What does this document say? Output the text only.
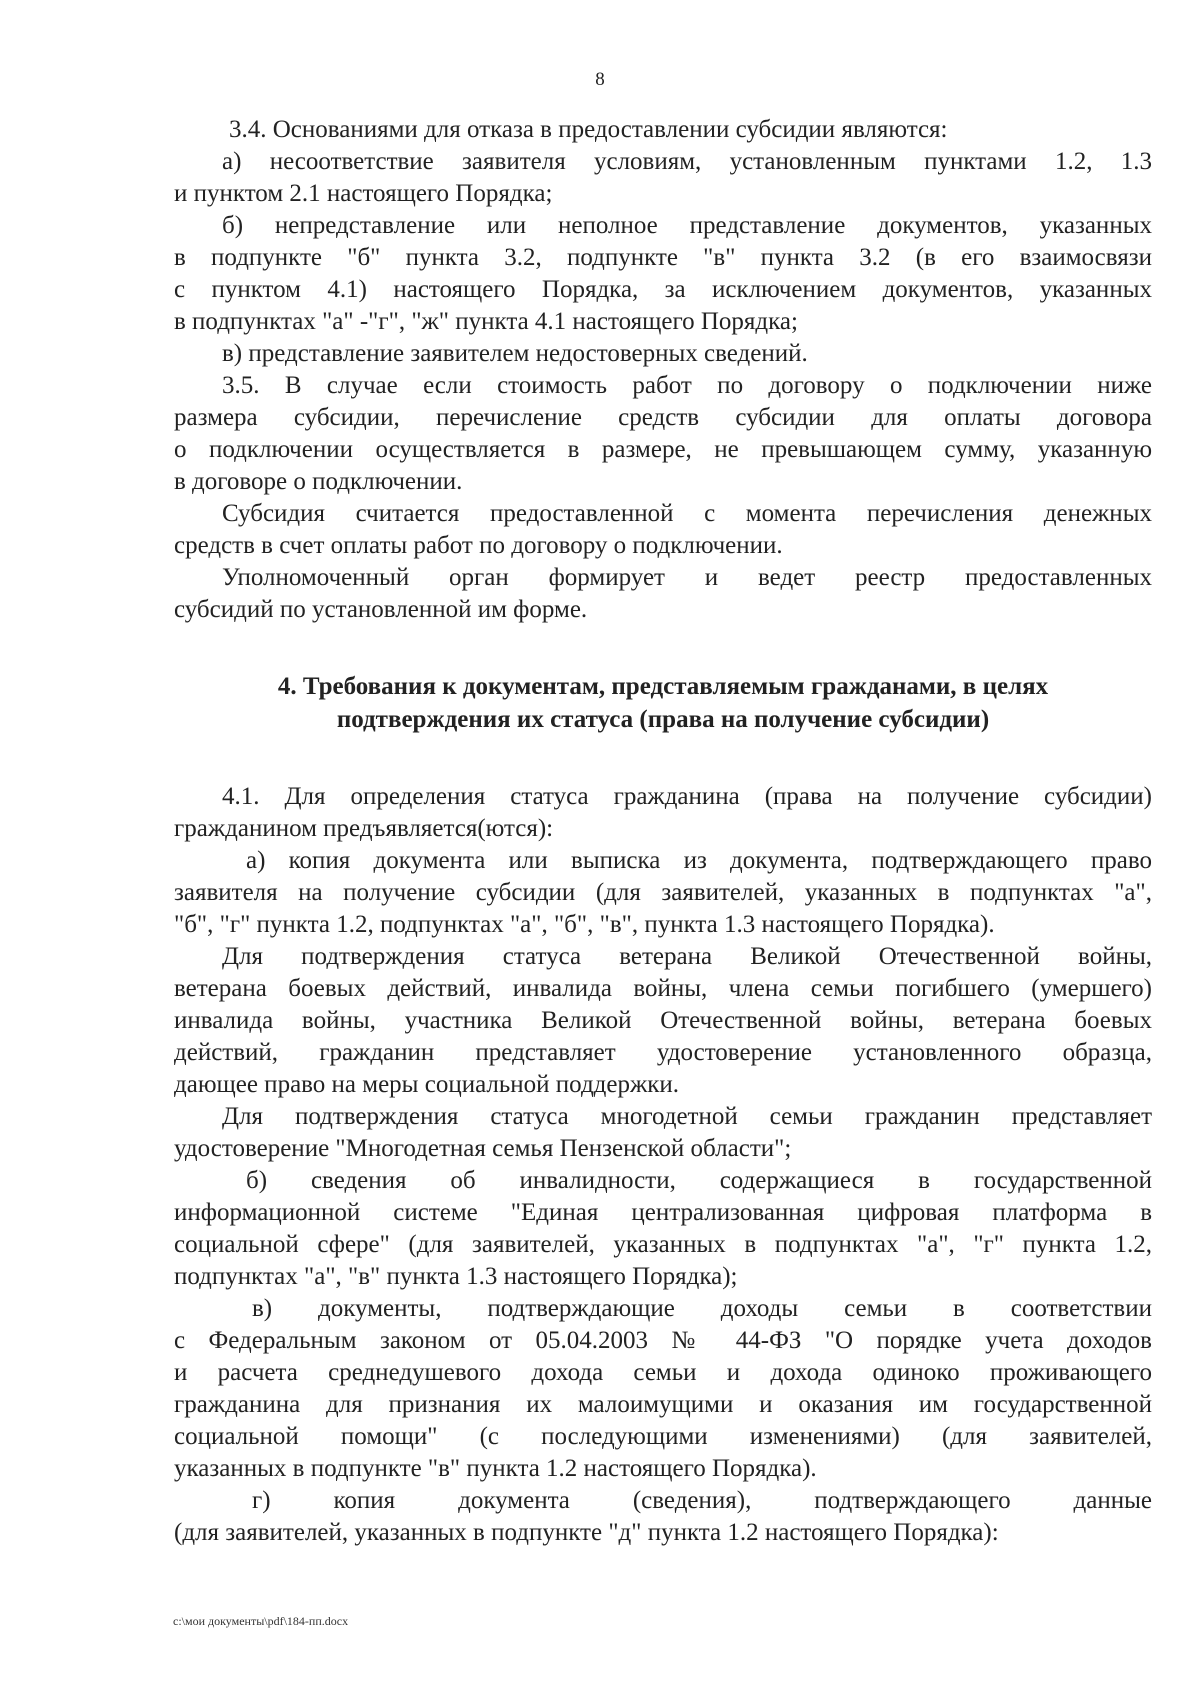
8
3.4. Основаниями для отказа в предоставлении субсидии являются:
а) несоответствие заявителя условиям, установленным пунктами 1.2, 1.3
и пунктом 2.1 настоящего Порядка;
б) непредставление или неполное представление документов, указанных
в подпункте "б" пункта 3.2, подпункте "в" пункта 3.2 (в его взаимосвязи
с пунктом 4.1) настоящего Порядка, за исключением документов, указанных
в подпунктах "а" -"г", "ж" пункта 4.1 настоящего Порядка;
в) представление заявителем недостоверных сведений.
3.5. В случае если стоимость работ по договору о подключении ниже
размера субсидии, перечисление средств субсидии для оплаты договора
о подключении осуществляется в размере, не превышающем сумму, указанную
в договоре о подключении.
Субсидия считается предоставленной с момента перечисления денежных
средств в счет оплаты работ по договору о подключении.
Уполномоченный орган формирует и ведет реестр предоставленных
субсидий по установленной им форме.
4. Требования к документам, представляемым гражданами, в целях
подтверждения их статуса (права на получение субсидии)
4.1. Для определения статуса гражданина (права на получение субсидии)
гражданином предъявляется(ются):
а) копия документа или выписка из документа, подтверждающего право
заявителя на получение субсидии (для заявителей, указанных в подпунктах "а",
"б", "г" пункта 1.2, подпунктах "а", "б", "в", пункта 1.3 настоящего Порядка).
Для подтверждения статуса ветерана Великой Отечественной войны,
ветерана боевых действий, инвалида войны, члена семьи погибшего (умершего)
инвалида войны, участника Великой Отечественной войны, ветерана боевых
действий, гражданин представляет удостоверение установленного образца,
дающее право на меры социальной поддержки.
Для подтверждения статуса многодетной семьи гражданин представляет
удостоверение "Многодетная семья Пензенской области";
б) сведения об инвалидности, содержащиеся в государственной
информационной системе "Единая централизованная цифровая платформа в
социальной сфере" (для заявителей, указанных в подпунктах "а", "г" пункта 1.2,
подпунктах "а", "в" пункта 1.3 настоящего Порядка);
в) документы, подтверждающие доходы семьи в соответствии
с Федеральным законом от 05.04.2003 № 44-ФЗ "О порядке учета доходов
и расчета среднедушевого дохода семьи и дохода одиноко проживающего
гражданина для признания их малоимущими и оказания им государственной
социальной помощи" (с последующими изменениями) (для заявителей,
указанных в подпункте "в" пункта 1.2 настоящего Порядка).
г) копия документа (сведения), подтверждающего данные
(для заявителей, указанных в подпункте "д" пункта 1.2 настоящего Порядка):
c:\мои документы\pdf\184-пп.docx
